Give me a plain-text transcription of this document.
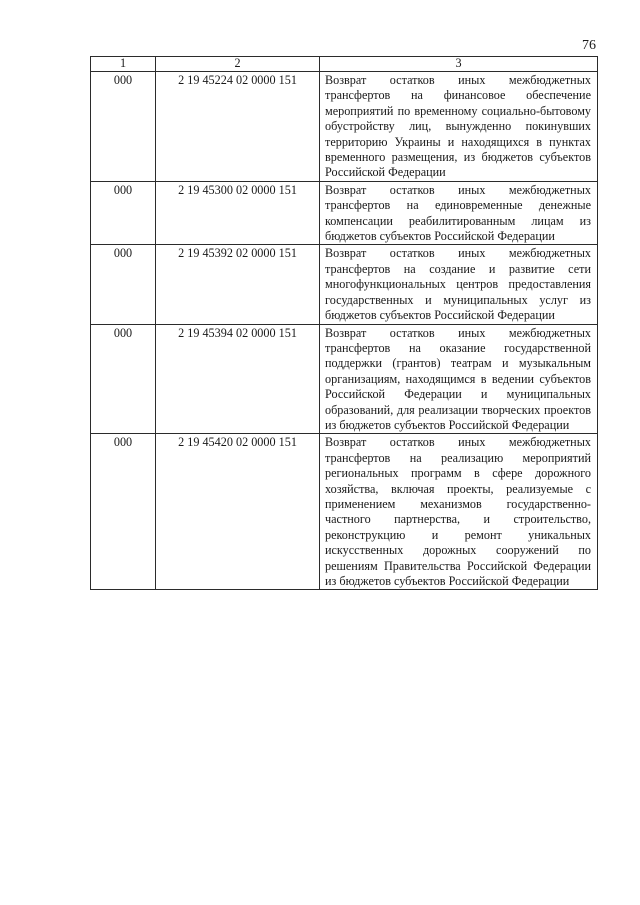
76
1	2	3
000	2 19 45224 02 0000 151	Возврат остатков иных межбюджетных трансфертов на финансовое обеспечение мероприятий по временному социально-бытовому обустройству лиц, вынужденно покинувших территорию Украины и находящихся в пунктах временного размещения, из бюджетов субъектов Российской Федерации
000	2 19 45300 02 0000 151	Возврат остатков иных межбюджетных трансфертов на единовременные денежные компенсации реабилитированным лицам из бюджетов субъектов Российской Федерации
000	2 19 45392 02 0000 151	Возврат остатков иных межбюджетных трансфертов на создание и развитие сети многофункциональных центров предоставления государственных и муниципальных услуг из бюджетов субъектов Российской Федерации
000	2 19 45394 02 0000 151	Возврат остатков иных межбюджетных трансфертов на оказание государственной поддержки (грантов) театрам и музыкальным организациям, находящимся в ведении субъектов Российской Федерации и муниципальных образований, для реализации творческих проектов из бюджетов субъектов Российской Федерации
000	2 19 45420 02 0000 151	Возврат остатков иных межбюджетных трансфертов на реализацию мероприятий региональных программ в сфере дорожного хозяйства, включая проекты, реализуемые с применением механизмов государственно-частного партнерства, и строительство, реконструкцию и ремонт уникальных искусственных дорожных сооружений по решениям Правительства Российской Федерации из бюджетов субъектов Российской Федерации
